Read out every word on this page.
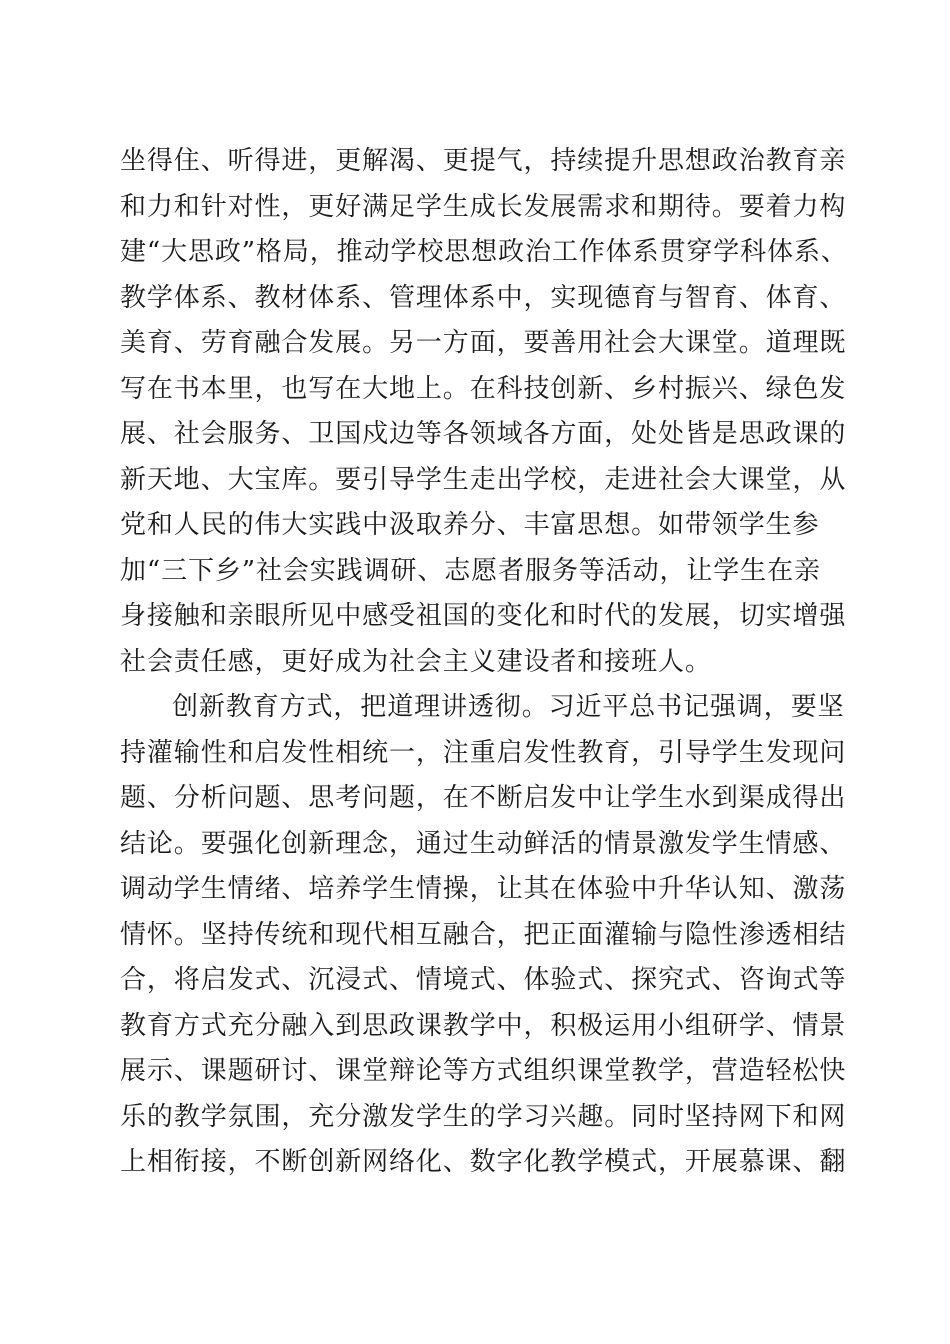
坐得住、听得进，更解渴、更提气，持续提升思想政治教育亲
和力和针对性，更好满足学生成长发展需求和期待。要着力构
建“大思政”格局，推动学校思想政治工作体系贯穿学科体系、
教学体系、教材体系、管理体系中，实现德育与智育、体育、
美育、劳育融合发展。另一方面，要善用社会大课堂。道理既
写在书本里，也写在大地上。在科技创新、乡村振兴、绿色发
展、社会服务、卫国戍边等各领域各方面，处处皆是思政课的
新天地、大宝库。要引导学生走出学校，走进社会大课堂，从
党和人民的伟大实践中汲取养分、丰富思想。如带领学生参
加“三下乡”社会实践调研、志愿者服务等活动，让学生在亲
身接触和亲眼所见中感受祖国的变化和时代的发展，切实增强
社会责任感，更好成为社会主义建设者和接班人。
创新教育方式，把道理讲透彻。习近平总书记强调，要坚
持灌输性和启发性相统一，注重启发性教育，引导学生发现问
题、分析问题、思考问题，在不断启发中让学生水到渠成得出
结论。要强化创新理念，通过生动鲜活的情景激发学生情感、
调动学生情绪、培养学生情操，让其在体验中升华认知、激荡
情怀。坚持传统和现代相互融合，把正面灌输与隐性渗透相结
合，将启发式、沉浸式、情境式、体验式、探究式、咨询式等
教育方式充分融入到思政课教学中，积极运用小组研学、情景
展示、课题研讨、课堂辩论等方式组织课堂教学，营造轻松快
乐的教学氛围，充分激发学生的学习兴趣。同时坚持网下和网
上相衔接，不断创新网络化、数字化教学模式，开展慕课、翻
